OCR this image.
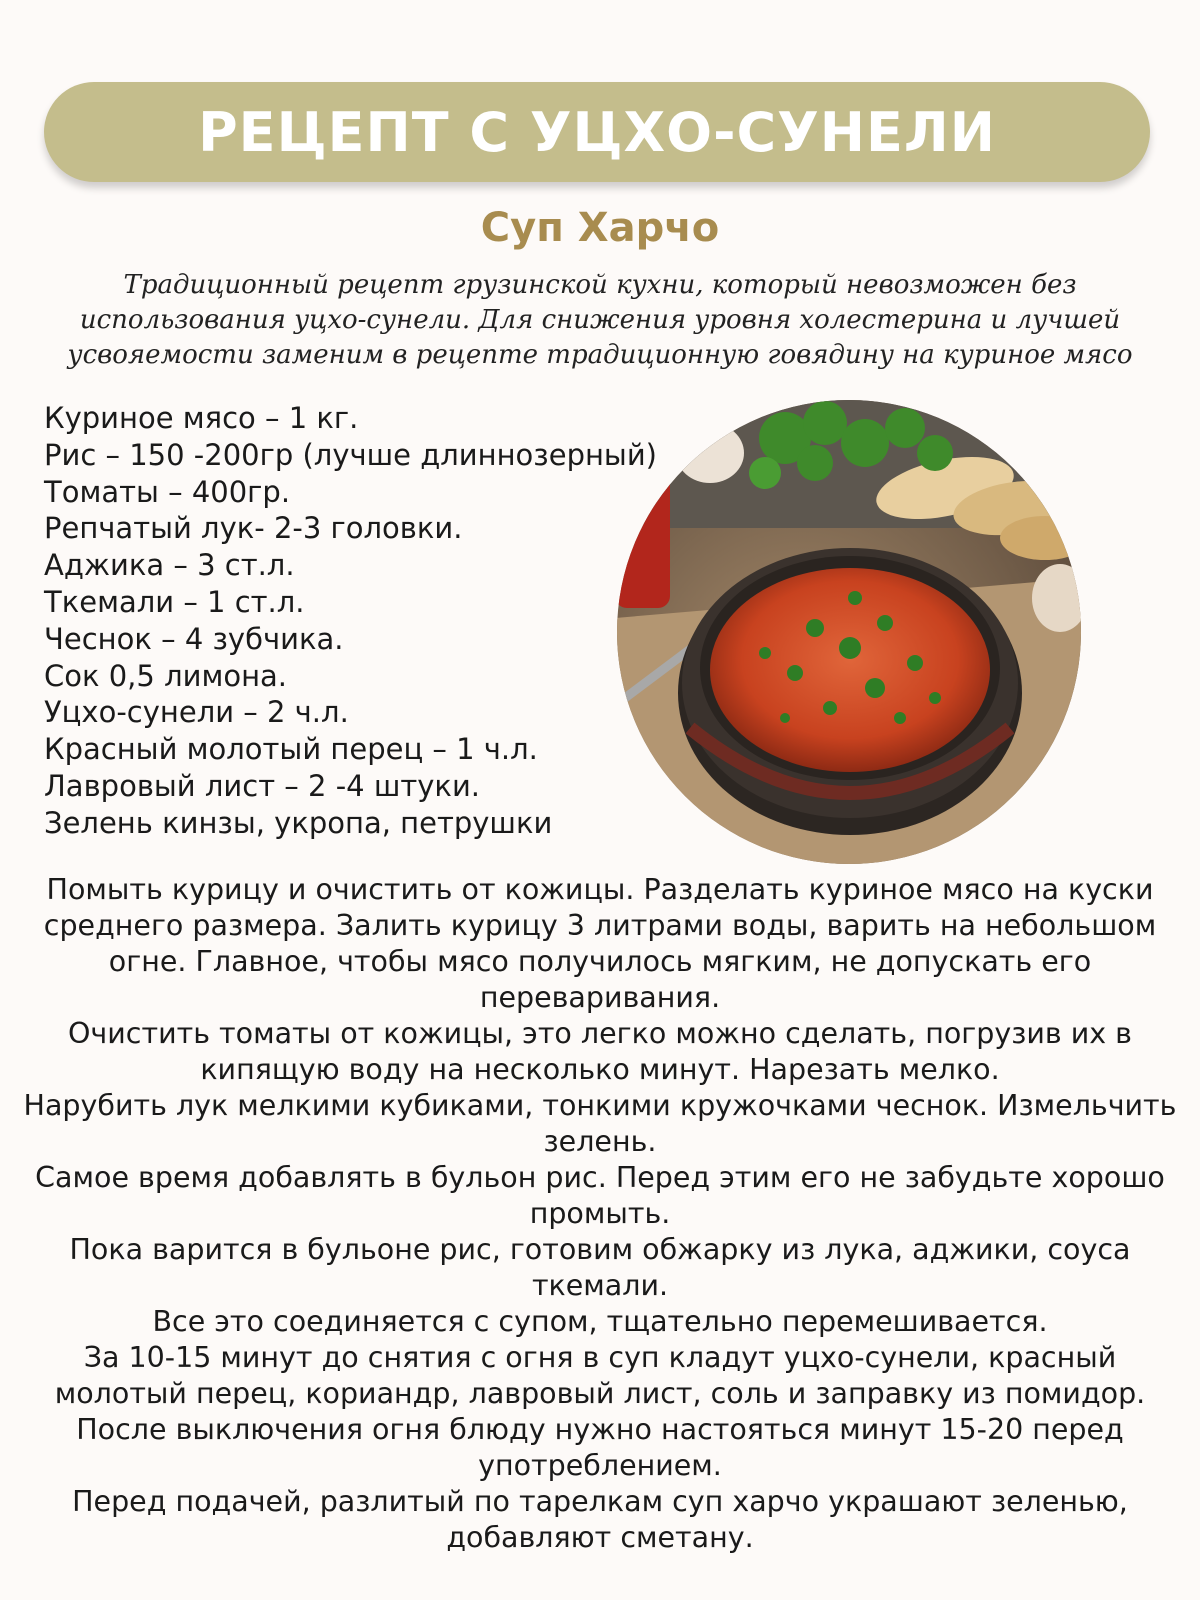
РЕЦЕПТ С УЦХО-СУНЕЛИ
Суп Харчо
Традиционный рецепт грузинской кухни, который невозможен без
использования уцхо-сунели. Для снижения уровня холестерина и лучшей
усвояемости заменим в рецепте традиционную говядину на куриное мясо
Куриное мясо – 1 кг.
Рис – 150 -200гр (лучше длиннозерный)
Томаты – 400гр.
Репчатый лук- 2-3 головки.
Аджика – 3 ст.л.
Ткемали – 1 ст.л.
Чеснок – 4 зубчика.
Сок 0,5 лимона.
Уцхо-сунели – 2 ч.л.
Красный молотый перец – 1 ч.л.
Лавровый лист – 2 -4 штуки.
Зелень кинзы, укропа, петрушки

Помыть курицу и очистить от кожицы. Разделать куриное мясо на куски среднего размера. Залить курицу 3 литрами воды, варить на небольшом огне. Главное, чтобы мясо получилось мягким, не допускать его переваривания.

Очистить томаты от кожицы, это легко можно сделать, погрузив их в кипящую воду на несколько минут. Нарезать мелко.

Нарубить лук мелкими кубиками, тонкими кружочками чеснок. Измельчить зелень.

Самое время добавлять в бульон рис. Перед этим его не забудьте хорошо промыть.

Пока варится в бульоне рис, готовим обжарку из лука, аджики, соуса ткемали.

Все это соединяется с супом, тщательно перемешивается.

За 10-15 минут до снятия с огня в суп кладут уцхо-сунели, красный молотый перец, кориандр, лавровый лист, соль и заправку из помидор.

После выключения огня блюду нужно настояться минут 15-20 перед употреблением.

Перед подачей, разлитый по тарелкам суп харчо украшают зеленью, добавляют сметану.
